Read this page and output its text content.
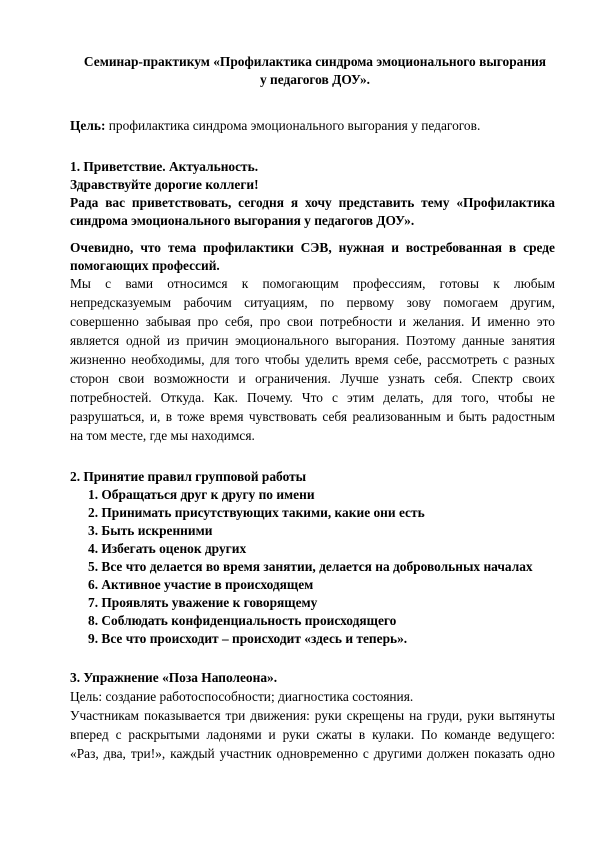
Семинар-практикум «Профилактика синдрома эмоционального выгорания
у педагогов ДОУ».
Цель: профилактика синдрома эмоционального выгорания у педагогов.
1. Приветствие. Актуальность.
Здравствуйте дорогие коллеги!
Рада вас приветствовать, сегодня я хочу представить тему «Профилактика
синдрома эмоционального выгорания у педагогов ДОУ».
Очевидно, что тема профилактики СЭВ, нужная и востребованная в среде
помогающих профессий.
Мы с вами относимся к помогающим профессиям, готовы к любым
непредсказуемым рабочим ситуациям, по первому зову помогаем другим,
совершенно забывая про себя, про свои потребности и желания. И именно это
является одной из причин эмоционального выгорания. Поэтому данные занятия
жизненно необходимы, для того чтобы уделить время себе, рассмотреть с разных
сторон свои возможности и ограничения. Лучше узнать себя. Спектр своих
потребностей. Откуда. Как. Почему. Что с этим делать, для того, чтобы не
разрушаться, и, в тоже время чувствовать себя реализованным и быть радостным
на том месте, где мы находимся.
2. Принятие правил групповой работы
1. Обращаться друг к другу по имени
2. Принимать присутствующих такими, какие они есть
3. Быть искренними
4. Избегать оценок других
5. Все что делается во время занятии, делается на добровольных началах
6. Активное участие в происходящем
7. Проявлять уважение к говорящему
8. Соблюдать конфиденциальность происходящего
9. Все что происходит – происходит «здесь и теперь».
3. Упражнение «Поза Наполеона».
Цель: создание работоспособности; диагностика состояния.
Участникам показывается три движения: руки скрещены на груди, руки вытянуты
вперед с раскрытыми ладонями и руки сжаты в кулаки. По команде ведущего:
«Раз, два, три!», каждый участник одновременно с другими должен показать одно
